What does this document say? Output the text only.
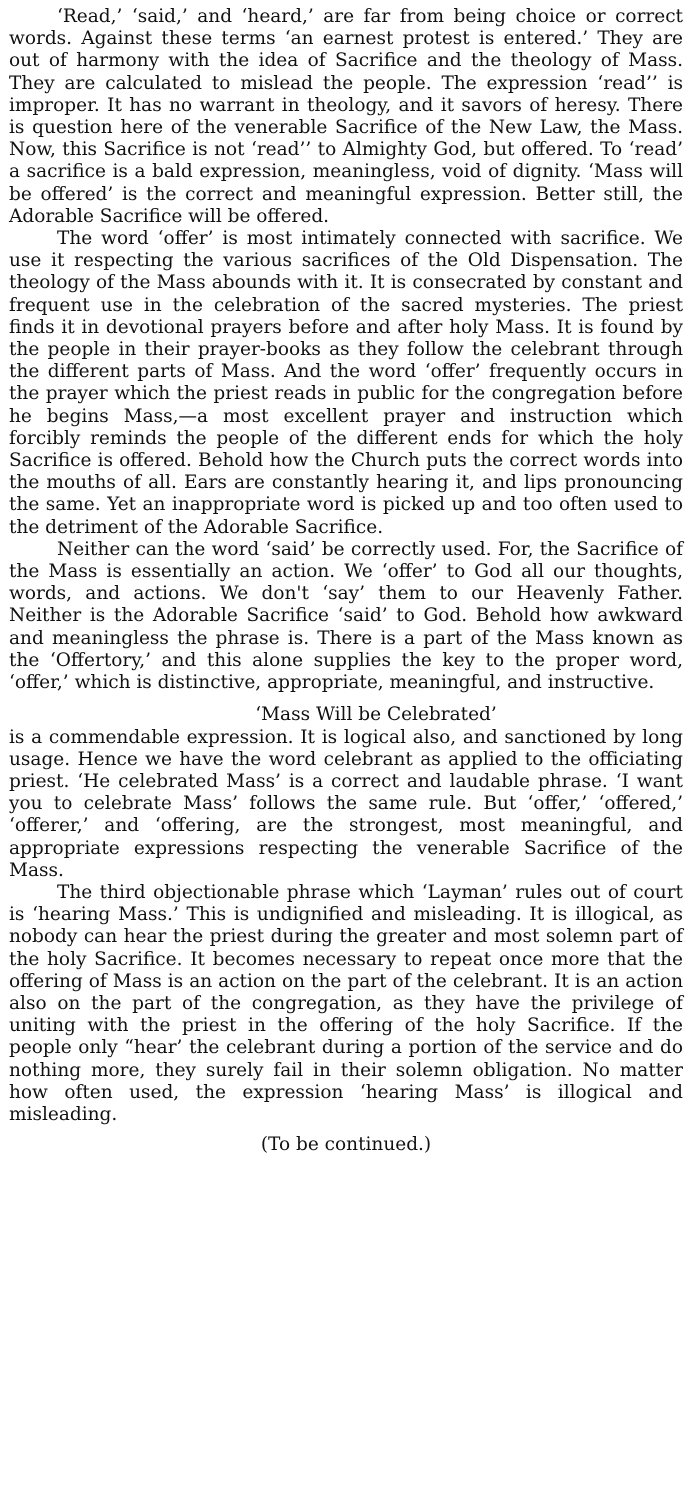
‘Read,’ ‘said,’ and ‘heard,’ are far from being choice or correct words. Against these terms ‘an earnest protest is entered.’ They are out of harmony with the idea of Sacrifice and the theology of Mass. They are calculated to mislead the people. The expression ‘read’’ is improper. It has no warrant in theology, and it savors of heresy. There is question here of the venerable Sacrifice of the New Law, the Mass. Now, this Sacrifice is not ‘read’’ to Almighty God, but offered. To ‘read’ a sacrifice is a bald expression, meaningless, void of dignity. ‘Mass will be offered’ is the correct and meaningful expression. Better still, the Adorable Sacrifice will be offered.

The word ‘offer’ is most intimately connected with sacrifice. We use it respecting the various sacrifices of the Old Dispensation. The theology of the Mass abounds with it. It is consecrated by constant and frequent use in the celebration of the sacred mysteries. The priest finds it in devotional prayers before and after holy Mass. It is found by the people in their prayer-books as they follow the celebrant through the different parts of Mass. And the word ‘offer’ frequently occurs in the prayer which the priest reads in public for the congregation before he begins Mass,—a most excellent prayer and instruction which forcibly reminds the people of the different ends for which the holy Sacrifice is offered. Behold how the Church puts the correct words into the mouths of all. Ears are constantly hearing it, and lips pronouncing the same. Yet an inappropriate word is picked up and too often used to the detriment of the Adorable Sacrifice.

Neither can the word ‘said’ be correctly used. For, the Sacrifice of the Mass is essentially an action. We ‘offer’ to God all our thoughts, words, and actions. We don't ‘say’ them to our Heavenly Father. Neither is the Adorable Sacrifice ‘said’ to God. Behold how awkward and meaningless the phrase is. There is a part of the Mass known as the ‘Offertory,’ and this alone supplies the key to the proper word, ‘offer,’ which is distinctive, appropriate, meaningful, and instructive.

‘Mass Will be Celebrated’

is a commendable expression. It is logical also, and sanctioned by long usage. Hence we have the word celebrant as applied to the officiating priest. ‘He celebrated Mass’ is a correct and laudable phrase. ‘I want you to celebrate Mass’ follows the same rule. But ‘offer,’ ‘offered,’ ‘offerer,’ and ‘offering, are the strongest, most meaningful, and appropriate expressions respecting the venerable Sacrifice of the Mass.

The third objectionable phrase which ‘Layman’ rules out of court is ‘hearing Mass.’ This is undignified and misleading. It is illogical, as nobody can hear the priest during the greater and most solemn part of the holy Sacrifice. It becomes necessary to repeat once more that the offering of Mass is an action on the part of the celebrant. It is an action also on the part of the congregation, as they have the privilege of uniting with the priest in the offering of the holy Sacrifice. If the people only “hear’ the celebrant during a portion of the service and do nothing more, they surely fail in their solemn obligation. No matter how often used, the expression ‘hearing Mass’ is illogical and misleading.

(To be continued.)
